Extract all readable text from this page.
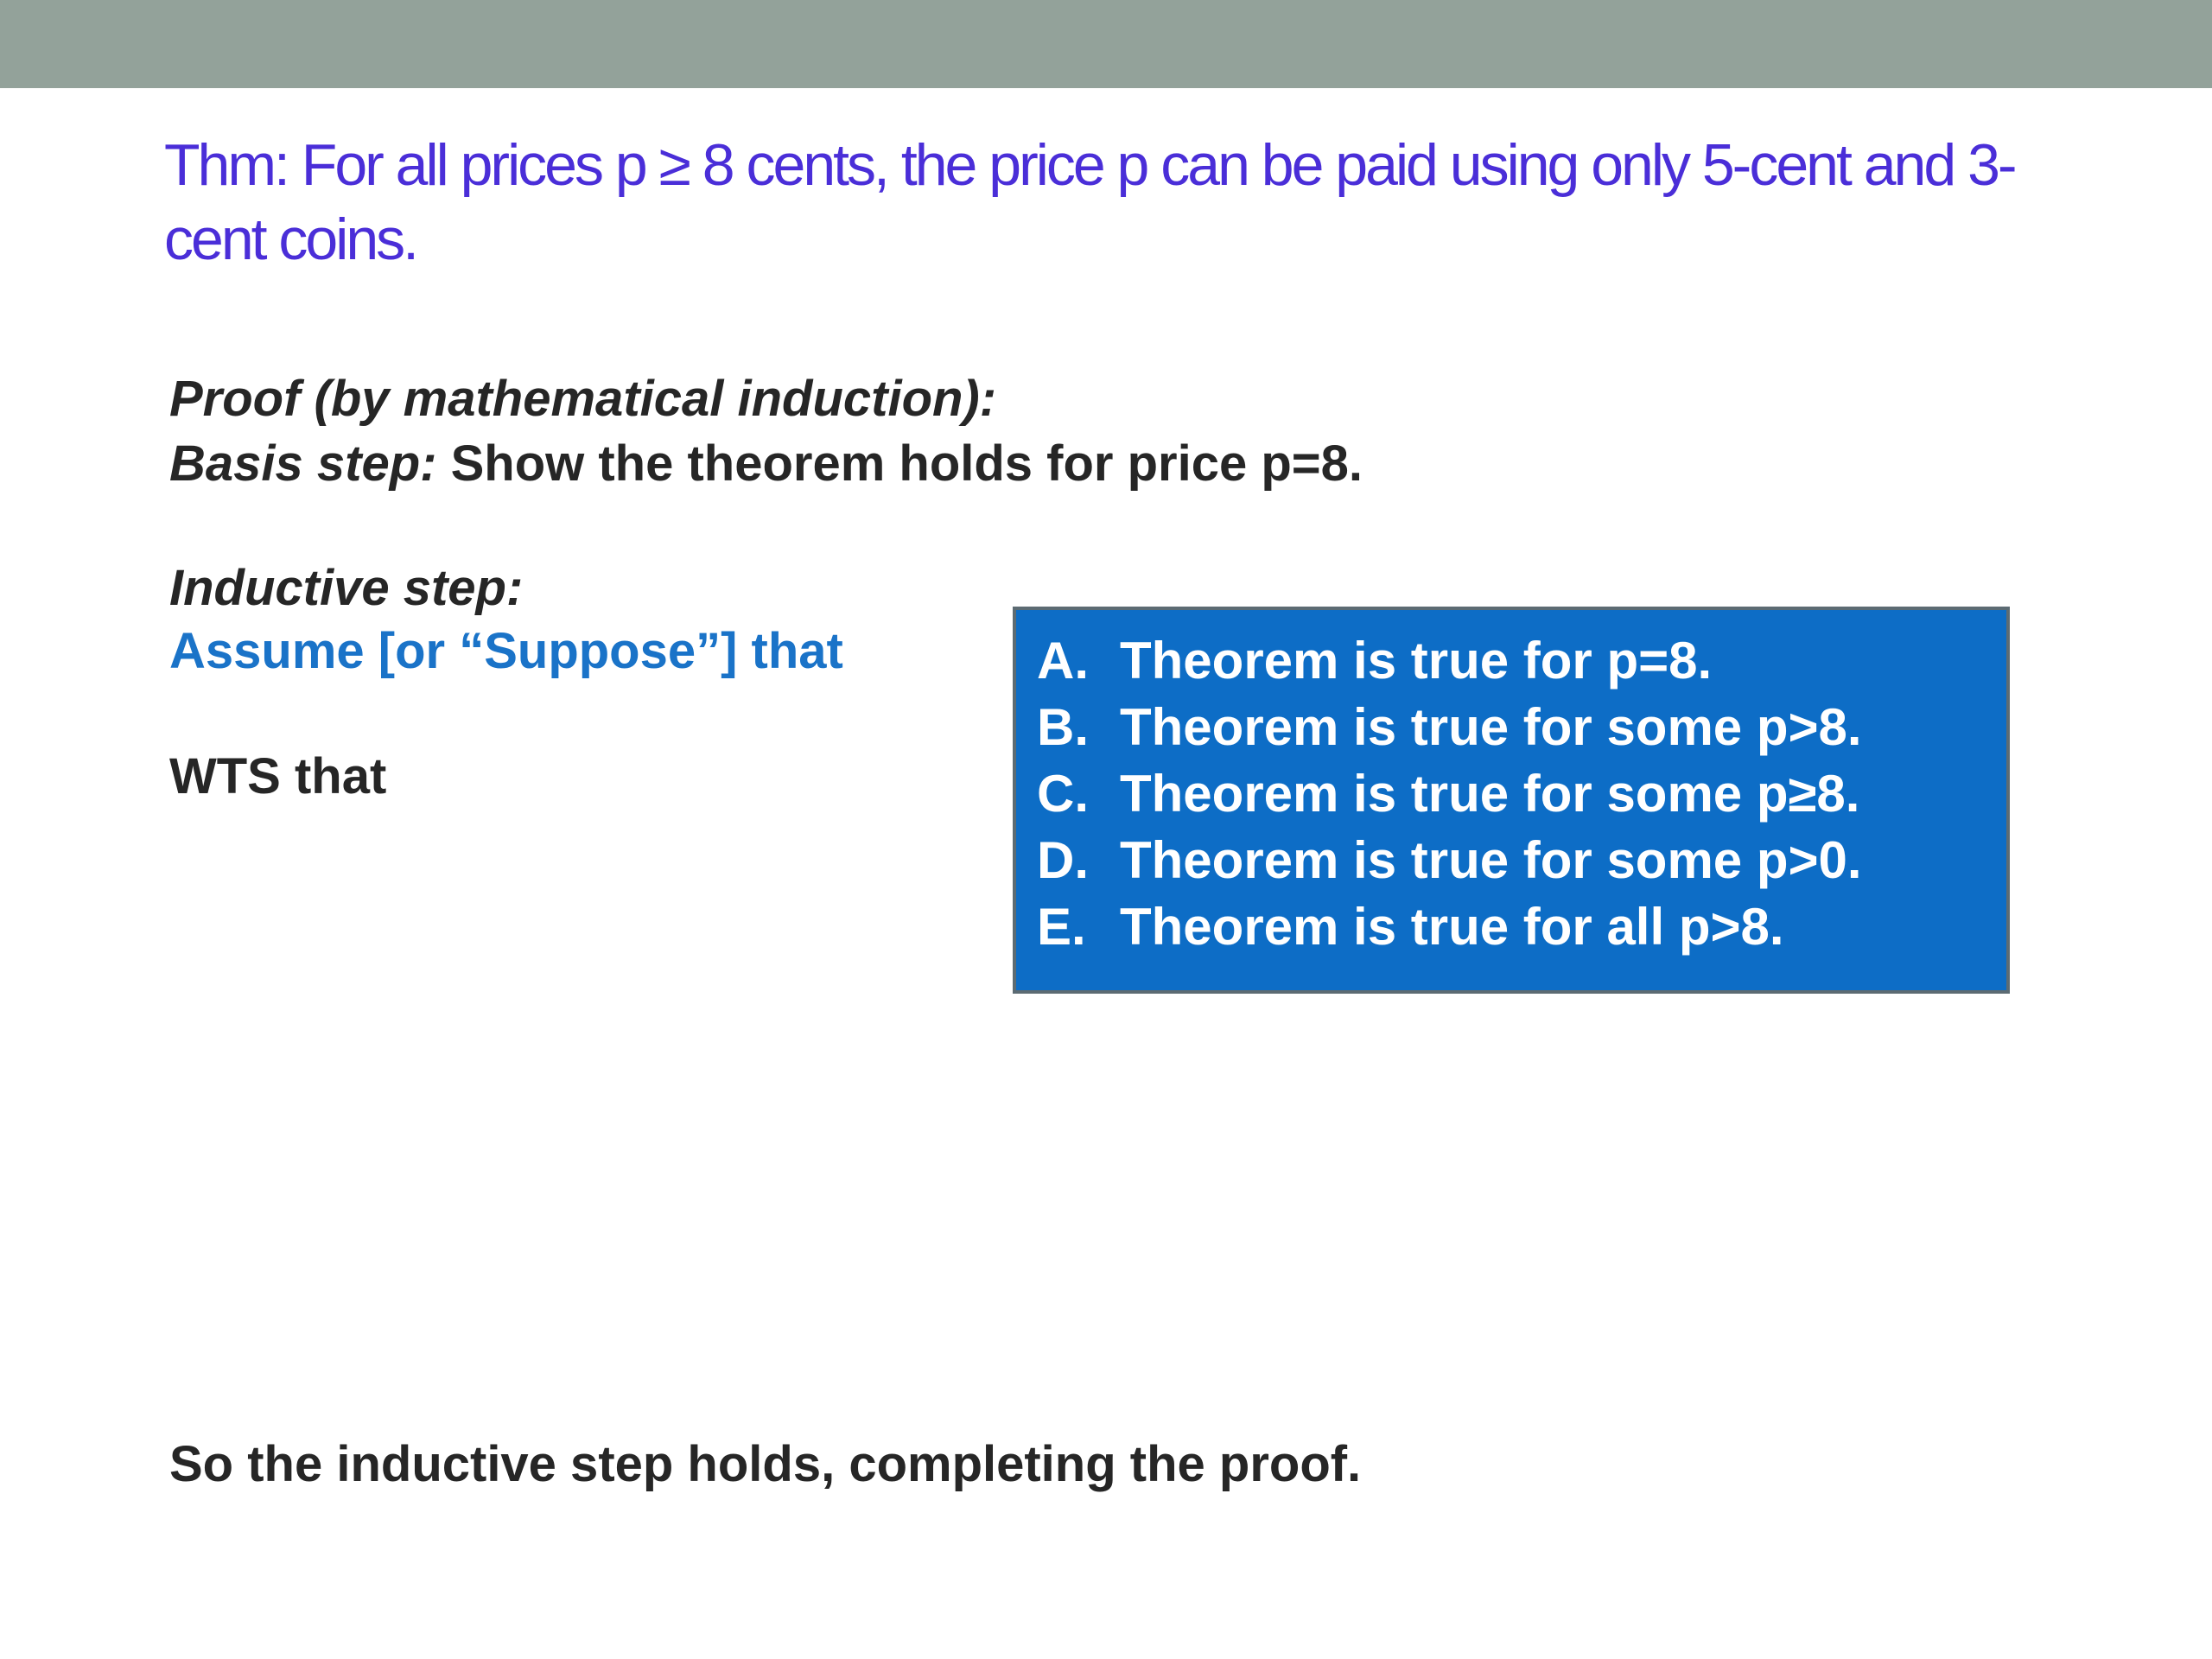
Thm: For all prices p ≥ 8 cents, the price p can be paid using only 5-cent and 3-cent coins.
Proof (by mathematical induction):
Basis step: Show the theorem holds for price p=8.
Inductive step:
Assume [or “Suppose”] that
WTS that
A. Theorem is true for p=8.
B. Theorem is true for some p>8.
C. Theorem is true for some p≥8.
D. Theorem is true for some p>0.
E. Theorem is true for all p>8.
So the inductive step holds, completing the proof.
